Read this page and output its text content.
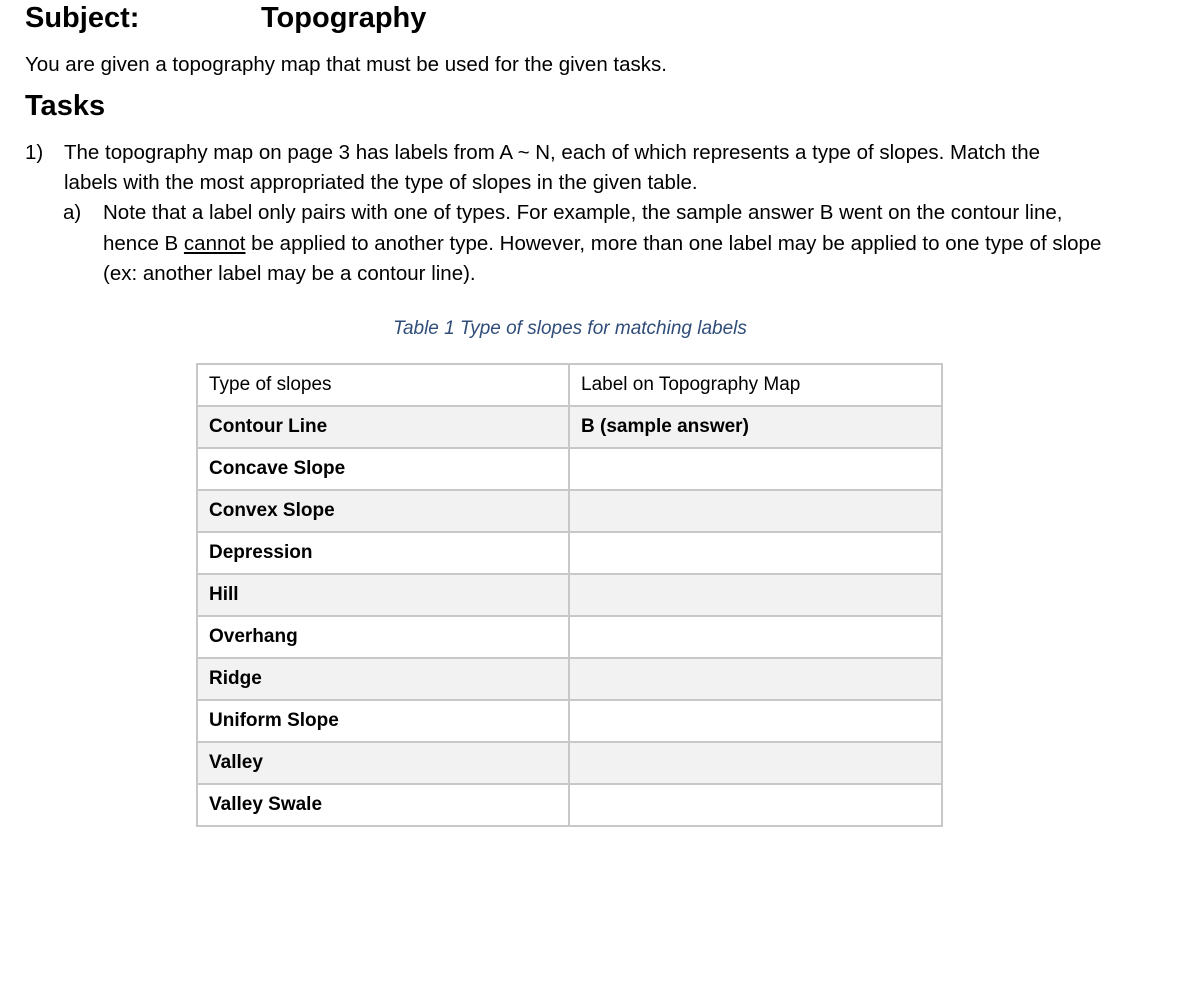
Subject:	Topography
You are given a topography map that must be used for the given tasks.
Tasks
1) The topography map on page 3 has labels from A ~ N, each of which represents a type of slopes. Match the labels with the most appropriated the type of slopes in the given table.
a) Note that a label only pairs with one of types. For example, the sample answer B went on the contour line, hence B cannot be applied to another type. However, more than one label may be applied to one type of slope (ex: another label may be a contour line).
Table 1 Type of slopes for matching labels
Type of slopes	Label on Topography Map
Contour Line	B (sample answer)
Concave Slope	
Convex Slope	
Depression	
Hill	
Overhang	
Ridge	
Uniform Slope	
Valley	
Valley Swale	
